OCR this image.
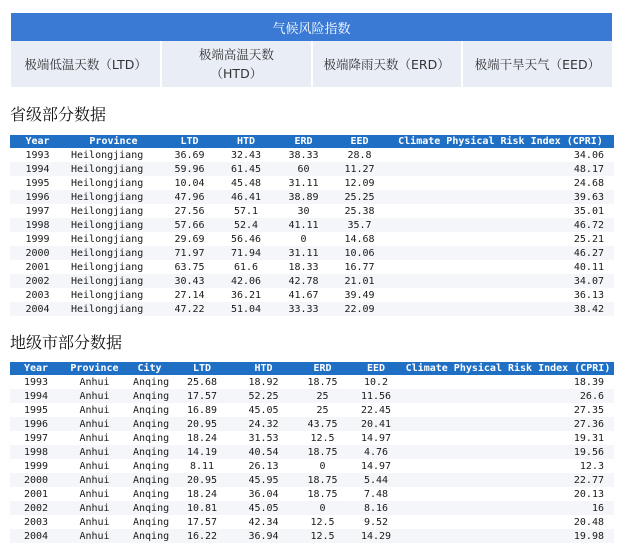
气候风险指数
极端低温天数（LTD）	极端高温天数（HTD）	极端降雨天数（ERD）	极端干旱天气（EED）
省级部分数据
Year	Province	LTD	HTD	ERD	EED	Climate Physical Risk Index (CPRI)
1993	Heilongjiang	36.69	32.43	38.33	28.8	34.06
1994	Heilongjiang	59.96	61.45	60	11.27	48.17
1995	Heilongjiang	10.04	45.48	31.11	12.09	24.68
1996	Heilongjiang	47.96	46.41	38.89	25.25	39.63
1997	Heilongjiang	27.56	57.1	30	25.38	35.01
1998	Heilongjiang	57.66	52.4	41.11	35.7	46.72
1999	Heilongjiang	29.69	56.46	0	14.68	25.21
2000	Heilongjiang	71.97	71.94	31.11	10.06	46.27
2001	Heilongjiang	63.75	61.6	18.33	16.77	40.11
2002	Heilongjiang	30.43	42.06	42.78	21.01	34.07
2003	Heilongjiang	27.14	36.21	41.67	39.49	36.13
2004	Heilongjiang	47.22	51.04	33.33	22.09	38.42
地级市部分数据
Year	Province	City	LTD	HTD	ERD	EED	Climate Physical Risk Index (CPRI)
1993	Anhui	Anqing	25.68	18.92	18.75	10.2	18.39
1994	Anhui	Anqing	17.57	52.25	25	11.56	26.6
1995	Anhui	Anqing	16.89	45.05	25	22.45	27.35
1996	Anhui	Anqing	20.95	24.32	43.75	20.41	27.36
1997	Anhui	Anqing	18.24	31.53	12.5	14.97	19.31
1998	Anhui	Anqing	14.19	40.54	18.75	4.76	19.56
1999	Anhui	Anqing	8.11	26.13	0	14.97	12.3
2000	Anhui	Anqing	20.95	45.95	18.75	5.44	22.77
2001	Anhui	Anqing	18.24	36.04	18.75	7.48	20.13
2002	Anhui	Anqing	10.81	45.05	0	8.16	16
2003	Anhui	Anqing	17.57	42.34	12.5	9.52	20.48
2004	Anhui	Anqing	16.22	36.94	12.5	14.29	19.98
